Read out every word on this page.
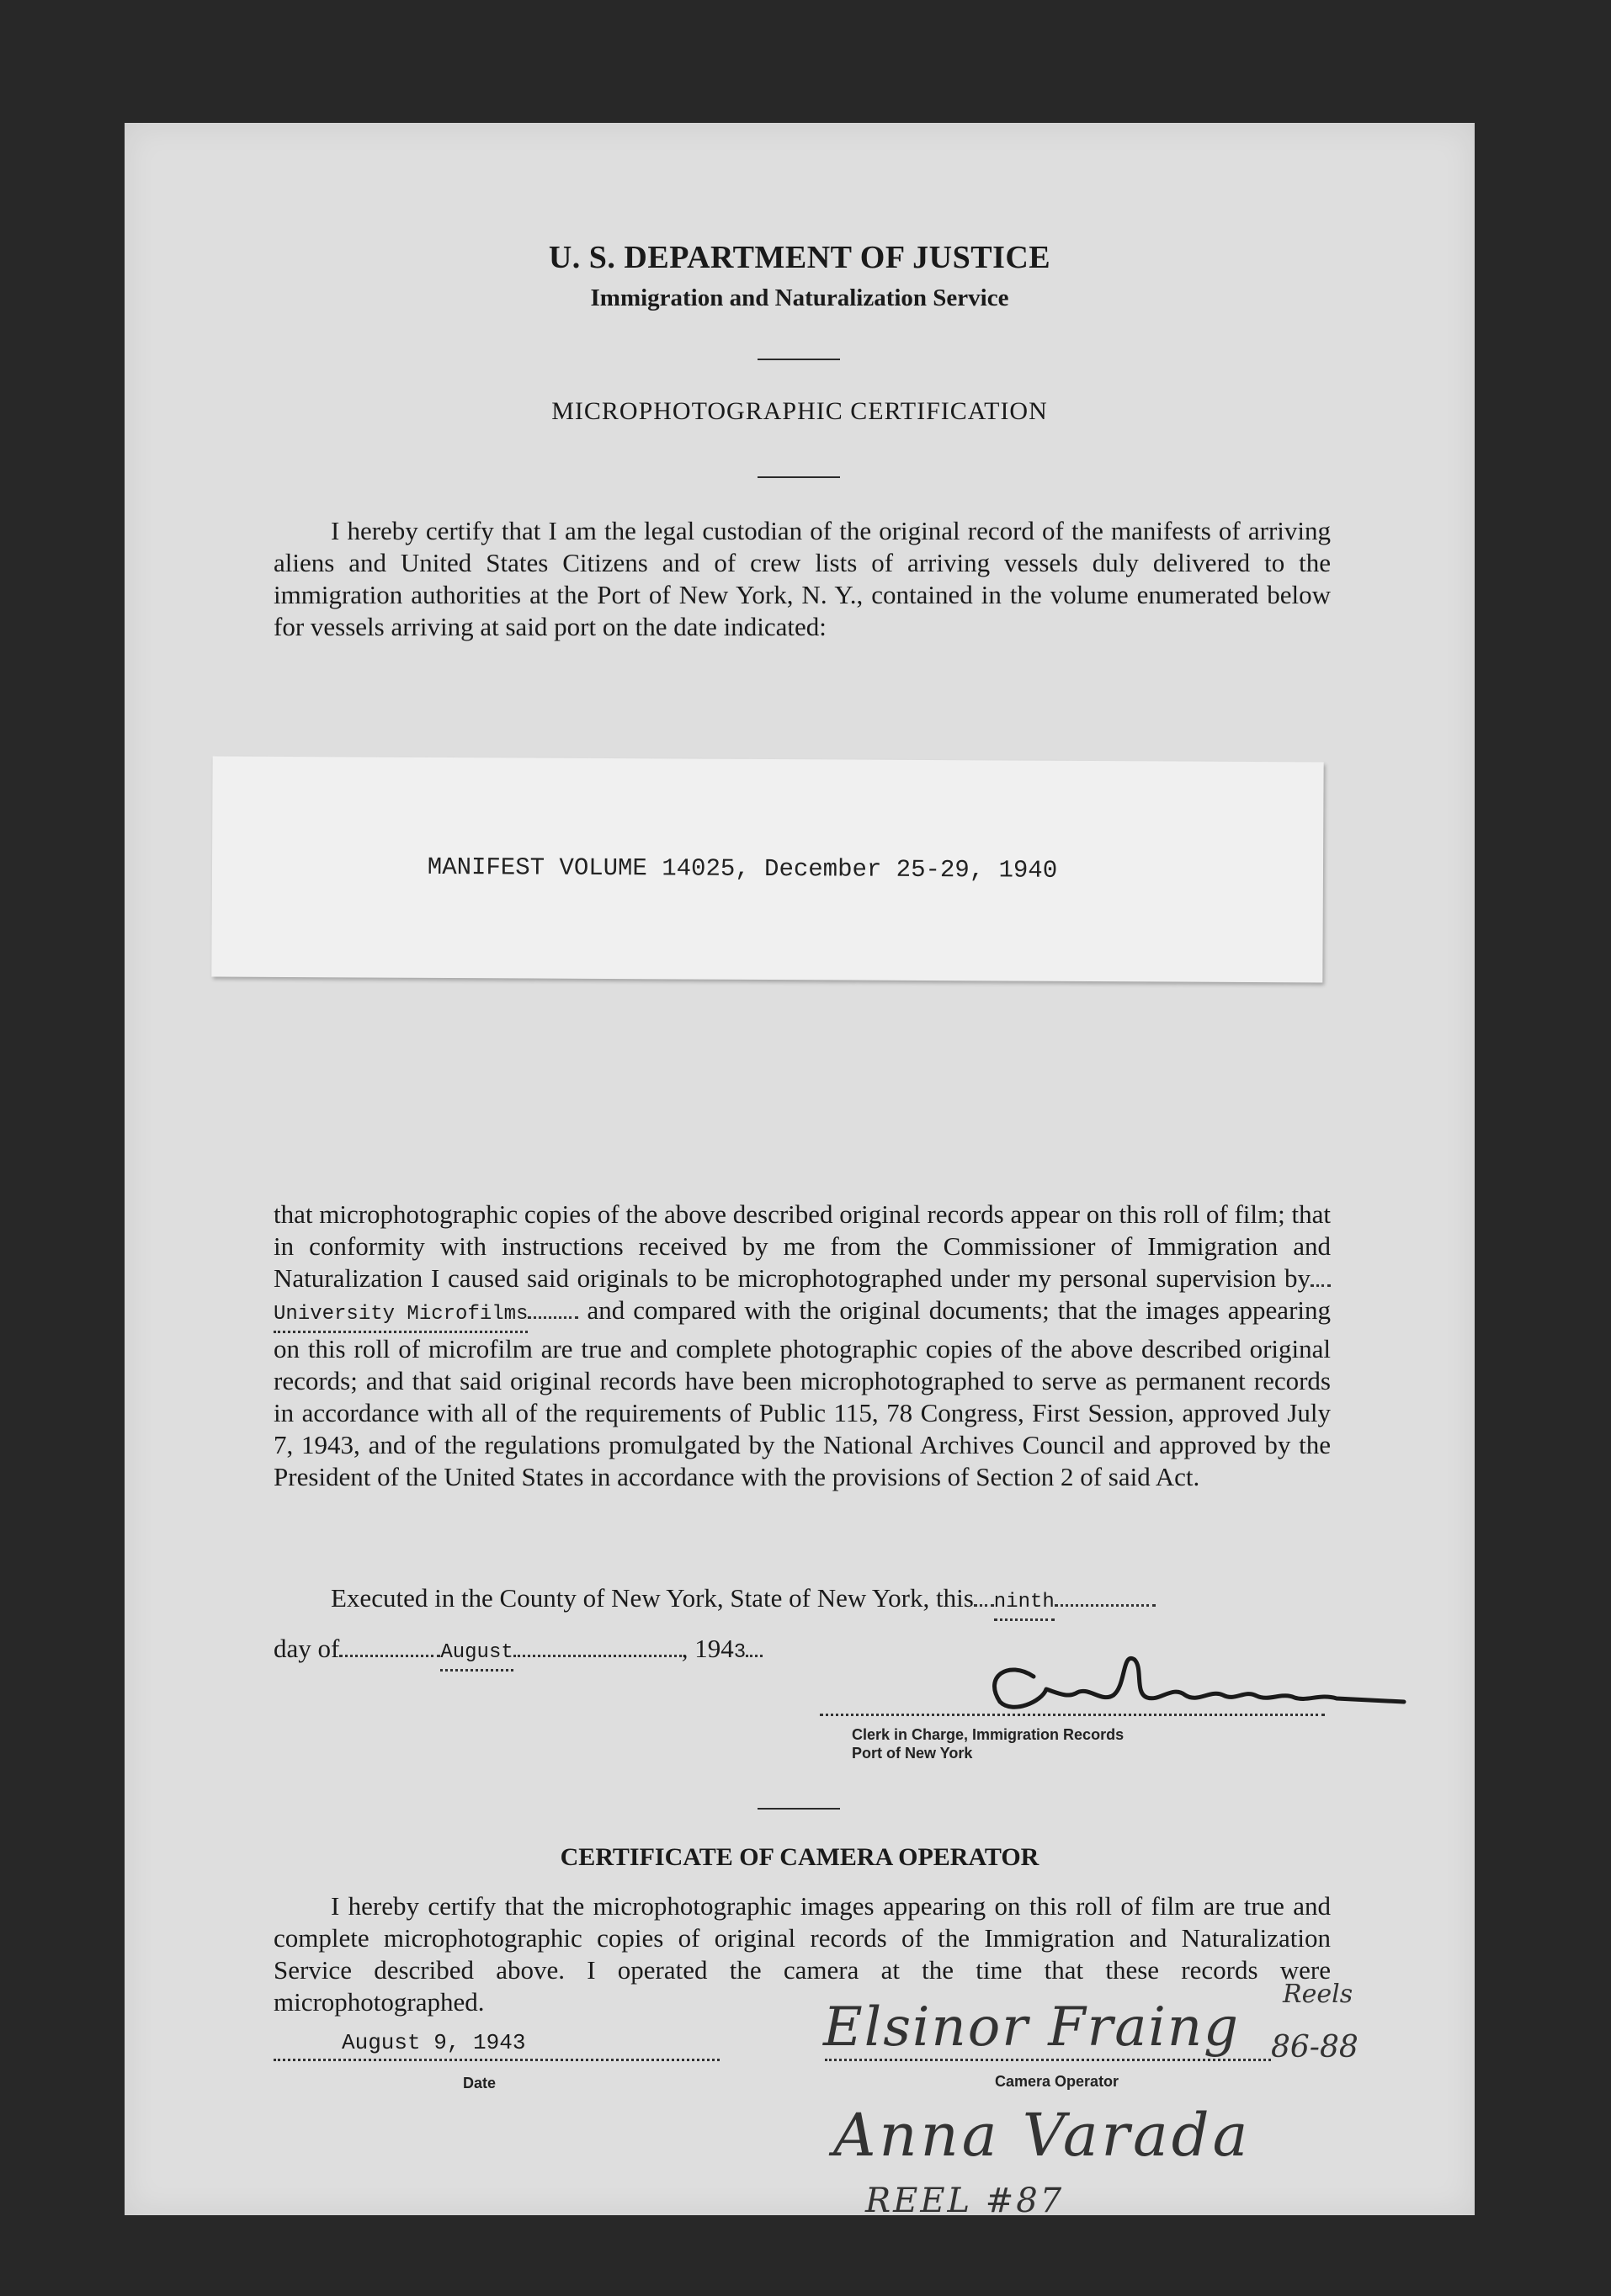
U. S. DEPARTMENT OF JUSTICE
Immigration and Naturalization Service
MICROPHOTOGRAPHIC CERTIFICATION
I hereby certify that I am the legal custodian of the original record of the manifests of arriving aliens and United States Citizens and of crew lists of arriving vessels duly delivered to the immigration authorities at the Port of New York, N. Y., contained in the volume enumerated below for vessels arriving at said port on the date indicated:
MANIFEST VOLUME 14025, December 25-29, 1940
that microphotographic copies of the above described original records appear on this roll of film; that in conformity with instructions received by me from the Commissioner of Immigration and Naturalization I caused said originals to be microphotographed under my personal supervision byUniversity Microfilms and compared with the original documents; that the images appearing on this roll of microfilm are true and complete photographic copies of the above described original records; and that said original records have been microphotographed to serve as permanent records in accordance with all of the requirements of Public 115, 78 Congress, First Session, approved July 7, 1943, and of the regulations promulgated by the National Archives Council and approved by the President of the United States in accordance with the provisions of Section 2 of said Act.
Executed in the County of New York, State of New York, this ninth
day of	August	, 1943
Clerk in Charge, Immigration Records
Port of New York
CERTIFICATE OF CAMERA OPERATOR
I hereby certify that the microphotographic images appearing on this roll of film are true and complete microphotographic copies of original records of the Immigration and Naturalization Service described above. I operated the camera at the time that these records were microphotographed.
August 9, 1943
Date
Elsinor Fraing
Reels
86-88
Camera Operator
Anna Varada
REEL #87
